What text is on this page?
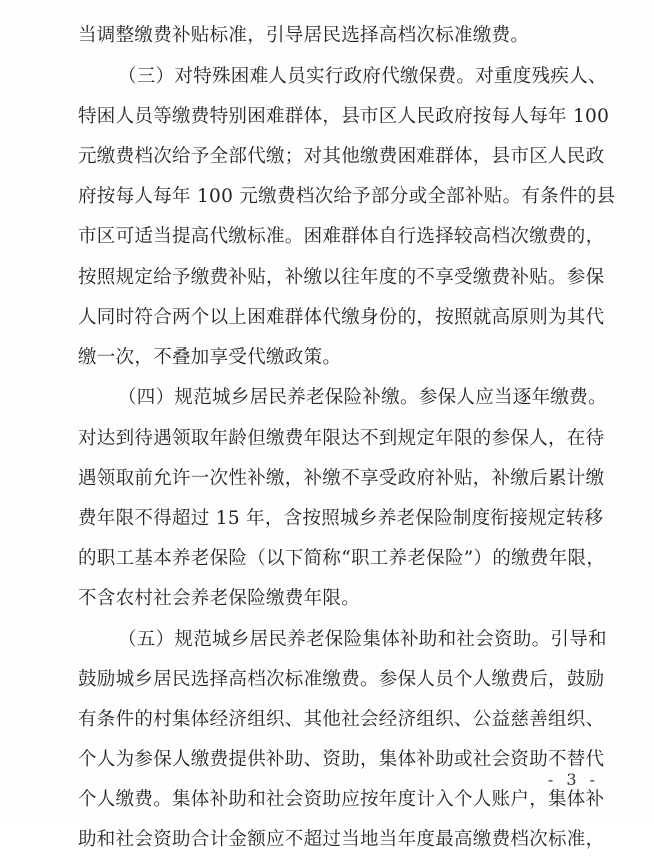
当调整缴费补贴标准，引导居民选择高档次标准缴费。
（三）对特殊困难人员实行政府代缴保费。对重度残疾人、
特困人员等缴费特别困难群体，县市区人民政府按每人每年 100
元缴费档次给予全部代缴；对其他缴费困难群体，县市区人民政
府按每人每年 100 元缴费档次给予部分或全部补贴。有条件的县
市区可适当提高代缴标准。困难群体自行选择较高档次缴费的，
按照规定给予缴费补贴，补缴以往年度的不享受缴费补贴。参保
人同时符合两个以上困难群体代缴身份的，按照就高原则为其代
缴一次，不叠加享受代缴政策。
（四）规范城乡居民养老保险补缴。参保人应当逐年缴费。
对达到待遇领取年龄但缴费年限达不到规定年限的参保人，在待
遇领取前允许一次性补缴，补缴不享受政府补贴，补缴后累计缴
费年限不得超过 15 年，含按照城乡养老保险制度衔接规定转移
的职工基本养老保险（以下简称“职工养老保险”）的缴费年限，
不含农村社会养老保险缴费年限。
（五）规范城乡居民养老保险集体补助和社会资助。引导和
鼓励城乡居民选择高档次标准缴费。参保人员个人缴费后，鼓励
有条件的村集体经济组织、其他社会经济组织、公益慈善组织、
个人为参保人缴费提供补助、资助，集体补助或社会资助不替代
个人缴费。集体补助和社会资助应按年度计入个人账户，集体补
助和社会资助合计金额应不超过当地当年度最高缴费档次标准，
- 3 -
